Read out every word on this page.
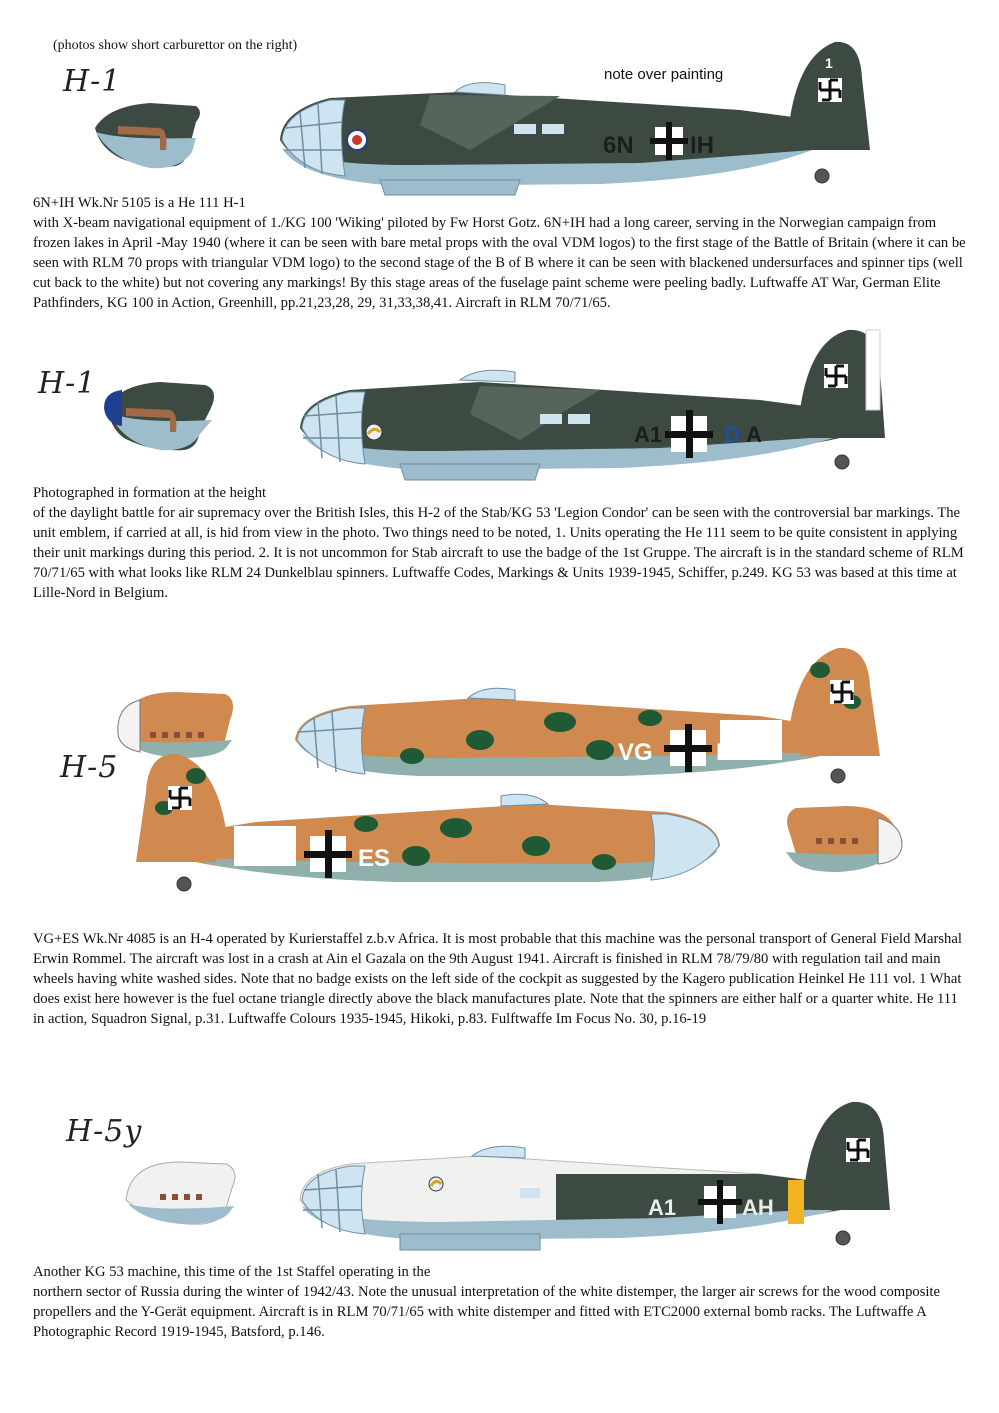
(photos show short carburettor on the right)
H-1	note over painting
6N IH
1
6N+IH Wk.Nr 5105 is a He 111 H-1
with X-beam navigational equipment of 1./KG 100 'Wiking' piloted by Fw Horst Gotz. 6N+IH had a long career, serving in the Norwegian campaign from frozen lakes in April -May 1940 (where it can be seen with bare metal props with the oval VDM logos) to the first stage of the Battle of Britain (where it can be seen with RLM 70 props with triangular VDM logo) to the second stage of the B of B where it can be seen with blackened undersurfaces and spinner tips (well cut back to the white) but not covering any markings! By this stage areas of the fuselage paint scheme were peeling badly. Luftwaffe AT War, German Elite Pathfinders, KG 100 in Action, Greenhill, pp.21,23,28, 29, 31,33,38,41. Aircraft in RLM 70/71/65.
H-1
A1	D A
Photographed in formation at the height
of the daylight battle for air supremacy over the British Isles, this H-2 of the Stab/KG 53 'Legion Condor' can be seen with the controversial bar markings. The unit emblem, if carried at all, is hid from view in the photo. Two things need to be noted, 1. Units operating the He 111 seem to be quite consistent in applying their unit markings during this period. 2. It is not uncommon for Stab aircraft to use the badge of the 1st Gruppe. The aircraft is in the standard scheme of RLM 70/71/65 with what looks like RLM 24 Dunkelblau spinners. Luftwaffe Codes, Markings & Units 1939-1945, Schiffer, p.249. KG 53 was based at this time at Lille-Nord in Belgium.
H-5	VG	ES
VG	ES
VG+ES Wk.Nr 4085 is an H-4 operated by Kurierstaffel z.b.v Africa. It is most probable that this machine was the personal transport of General Field Marshal Erwin Rommel. The aircraft was lost in a crash at Ain el Gazala on the 9th August 1941. Aircraft is finished in RLM 78/79/80 with regulation tail and main wheels having white washed sides. Note that no badge exists on the left side of the cockpit as suggested by the Kagero publication Heinkel He 111 vol. 1 What does exist here however is the fuel octane triangle directly above the black manufactures plate. Note that the spinners are either half or a quarter white. He 111 in action, Squadron Signal, p.31. Luftwaffe Colours 1935-1945, Hikoki, p.83. Fulftwaffe Im Focus No. 30, p.16-19
H-5y
A1	AH
Another KG 53 machine, this time of the 1st Staffel operating in the
northern sector of Russia during the winter of 1942/43. Note the unusual interpretation of the white distemper, the larger air screws for the wood composite propellers and the Y-Gerät equipment. Aircraft is in RLM 70/71/65 with white distemper and fitted with ETC2000 external bomb racks. The Luftwaffe A Photographic Record 1919-1945, Batsford, p.146.
